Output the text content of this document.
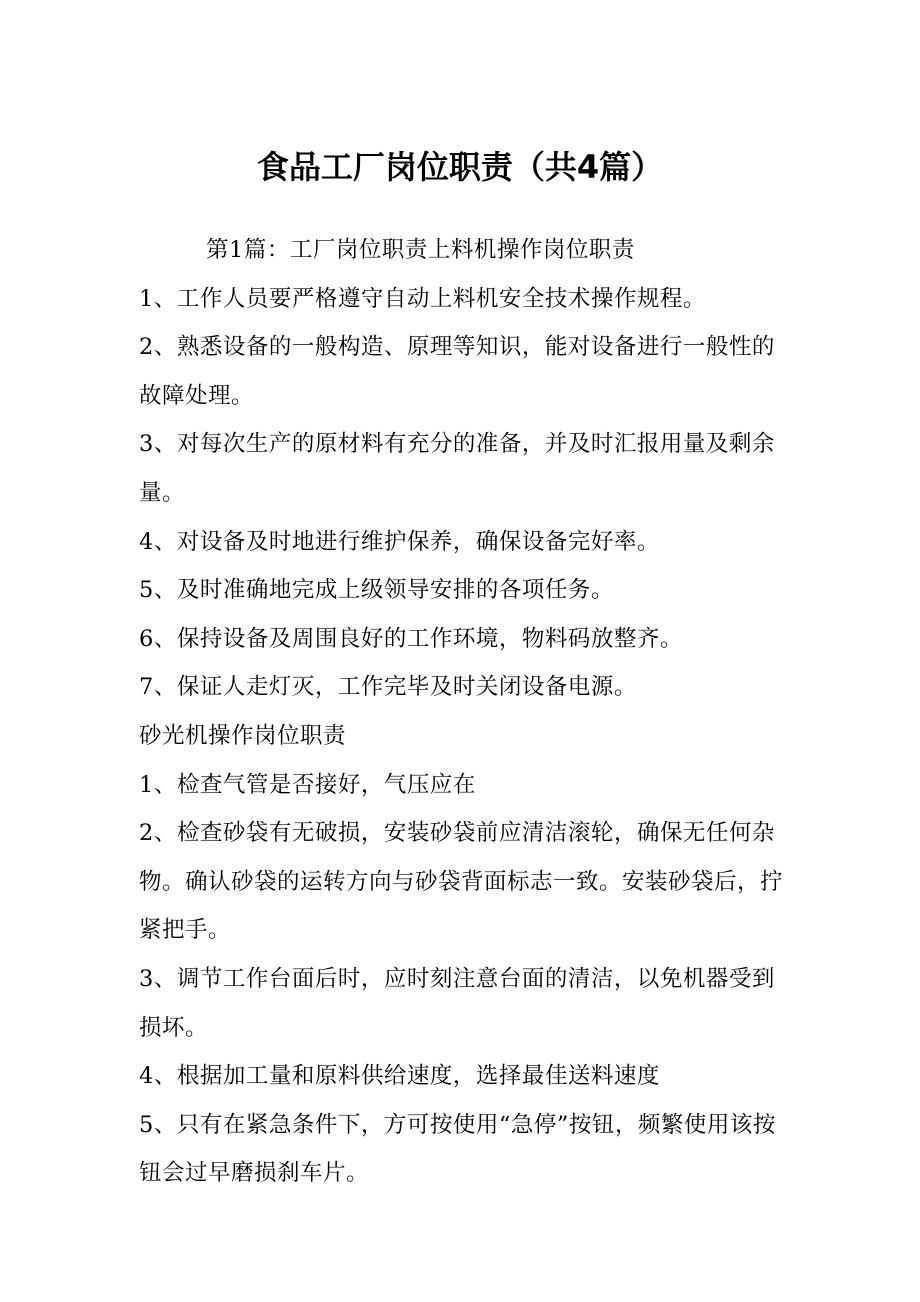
食品工厂岗位职责（共4篇）

第1篇：工厂岗位职责上料机操作岗位职责

1、工作人员要严格遵守自动上料机安全技术操作规程。

2、熟悉设备的一般构造、原理等知识，能对设备进行一般性的故障处理。

3、对每次生产的原材料有充分的准备，并及时汇报用量及剩余量。

4、对设备及时地进行维护保养，确保设备完好率。

5、及时准确地完成上级领导安排的各项任务。

6、保持设备及周围良好的工作环境，物料码放整齐。

7、保证人走灯灭，工作完毕及时关闭设备电源。

砂光机操作岗位职责

1、检查气管是否接好，气压应在

2、检查砂袋有无破损，安装砂袋前应清洁滚轮，确保无任何杂物。确认砂袋的运转方向与砂袋背面标志一致。安装砂袋后，拧紧把手。

3、调节工作台面后时，应时刻注意台面的清洁，以免机器受到损坏。

4、根据加工量和原料供给速度，选择最佳送料速度

5、只有在紧急条件下，方可按使用“急停”按钮，频繁使用该按钮会过早磨损刹车片。
